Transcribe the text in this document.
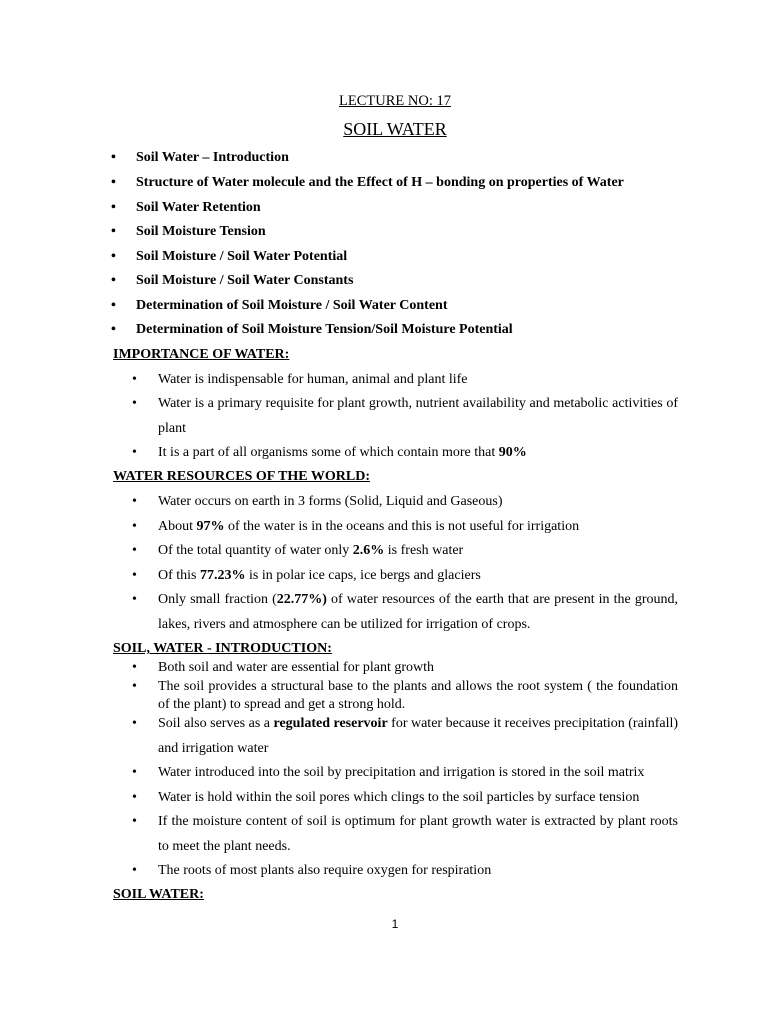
LECTURE NO: 17
SOIL WATER
• Soil Water – Introduction
• Structure of Water molecule and the Effect of H – bonding on properties of Water
• Soil Water Retention
• Soil Moisture Tension
• Soil Moisture / Soil Water Potential
• Soil Moisture / Soil Water Constants
• Determination of Soil Moisture / Soil Water Content
• Determination of Soil Moisture Tension/Soil Moisture Potential
IMPORTANCE OF WATER:
•	Water is indispensable for human, animal and plant life
•	Water is a primary requisite for plant growth, nutrient availability and metabolic activities of plant
•	It is a part of all organisms some of which contain more that 90%
WATER RESOURCES OF THE WORLD:
•	Water occurs on earth in 3 forms (Solid, Liquid and Gaseous)
•	About 97% of the water is in the oceans and this is not useful for irrigation
•	Of the total quantity of water only 2.6% is fresh water
•	Of this 77.23% is in polar ice caps, ice bergs and glaciers
•	Only small fraction (22.77%) of water resources of the earth that are present in the ground, lakes, rivers and atmosphere can be utilized for irrigation of crops.
SOIL, WATER - INTRODUCTION:
•	Both soil and water are essential for plant growth
•	The soil provides a structural base to the plants and allows the root system ( the foundation of the plant) to spread and get a strong hold.
•	Soil also serves as a regulated reservoir for water because it receives precipitation (rainfall) and irrigation water
•	Water introduced into the soil by precipitation and irrigation is stored in the soil matrix
•	Water is hold within the soil pores which clings to the soil particles by surface tension
•	If the moisture content of soil is optimum for plant growth water is extracted by plant roots to meet the plant needs.
•	The roots of most plants also require oxygen for respiration
SOIL WATER:
1
